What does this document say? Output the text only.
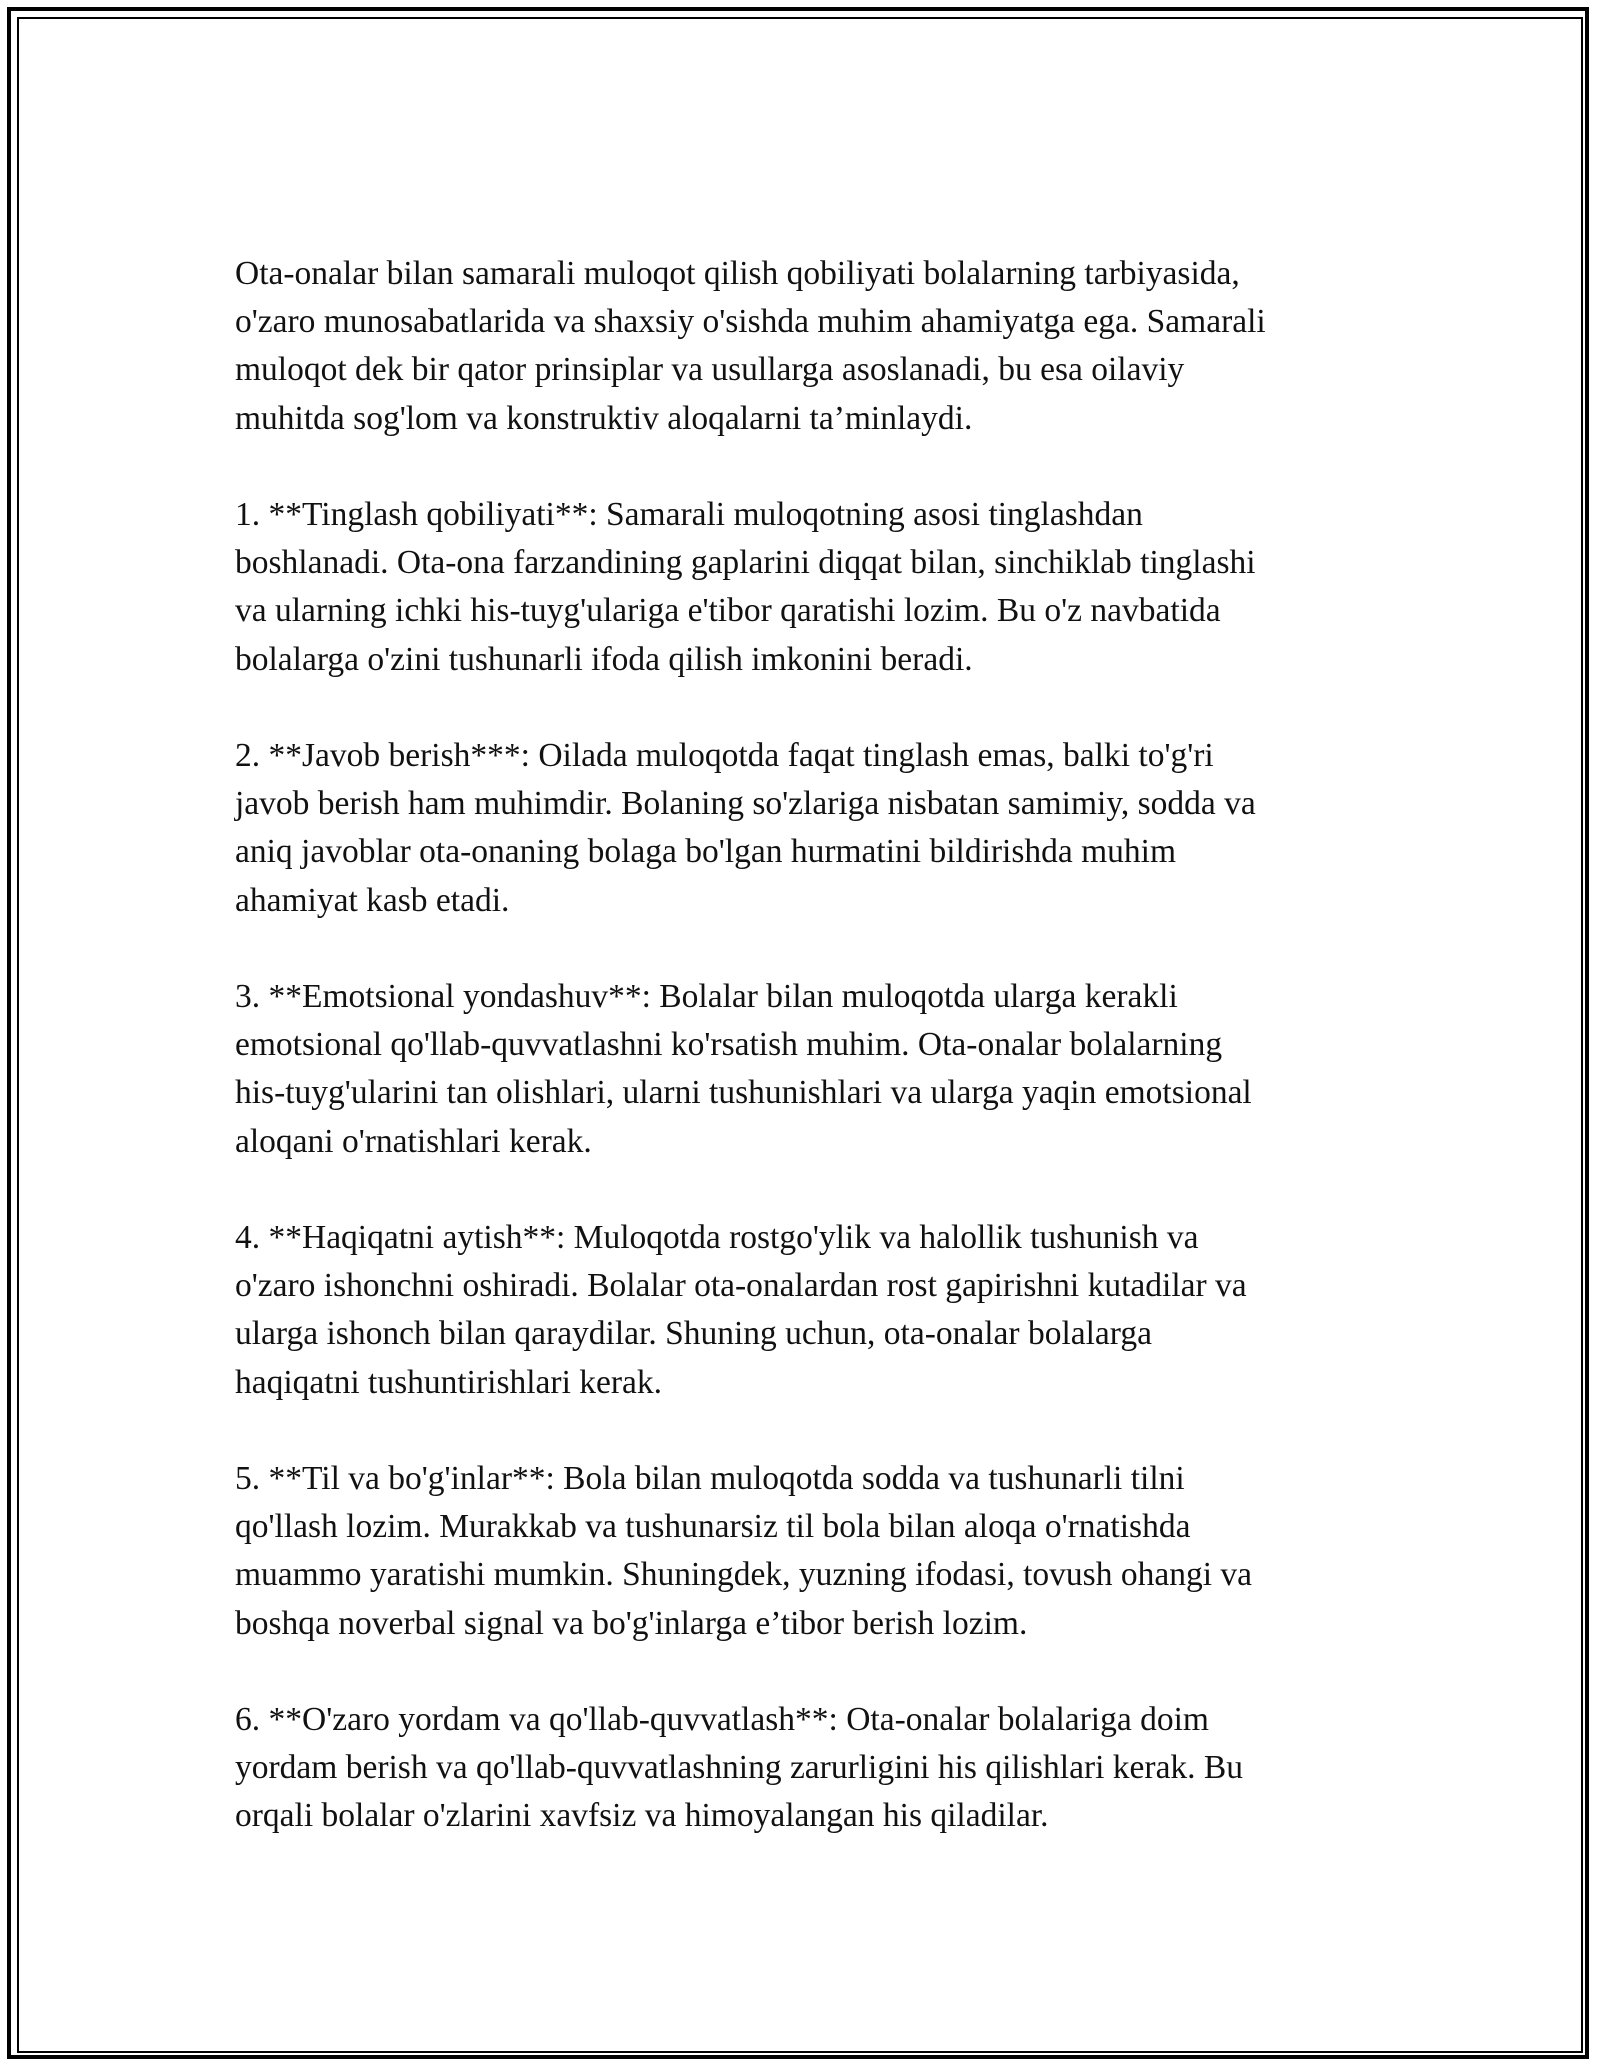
Ota-onalar bilan samarali muloqot qilish qobiliyati bolalarning tarbiyasida,
o'zaro munosabatlarida va shaxsiy o'sishda muhim ahamiyatga ega. Samarali
muloqot dek bir qator prinsiplar va usullarga asoslanadi, bu esa oilaviy
muhitda sog'lom va konstruktiv aloqalarni ta’minlaydi.

1. **Tinglash qobiliyati**: Samarali muloqotning asosi tinglashdan
boshlanadi. Ota-ona farzandining gaplarini diqqat bilan, sinchiklab tinglashi
va ularning ichki his-tuyg'ulariga e'tibor qaratishi lozim. Bu o'z navbatida
bolalarga o'zini tushunarli ifoda qilish imkonini beradi.

2. **Javob berish***: Oilada muloqotda faqat tinglash emas, balki to'g'ri
javob berish ham muhimdir. Bolaning so'zlariga nisbatan samimiy, sodda va
aniq javoblar ota-onaning bolaga bo'lgan hurmatini bildirishda muhim
ahamiyat kasb etadi.

3. **Emotsional yondashuv**: Bolalar bilan muloqotda ularga kerakli
emotsional qo'llab-quvvatlashni ko'rsatish muhim. Ota-onalar bolalarning
his-tuyg'ularini tan olishlari, ularni tushunishlari va ularga yaqin emotsional
aloqani o'rnatishlari kerak.

4. **Haqiqatni aytish**: Muloqotda rostgo'ylik va halollik tushunish va
o'zaro ishonchni oshiradi. Bolalar ota-onalardan rost gapirishni kutadilar va
ularga ishonch bilan qaraydilar. Shuning uchun, ota-onalar bolalarga
haqiqatni tushuntirishlari kerak.

5. **Til va bo'g'inlar**: Bola bilan muloqotda sodda va tushunarli tilni
qo'llash lozim. Murakkab va tushunarsiz til bola bilan aloqa o'rnatishda
muammo yaratishi mumkin. Shuningdek, yuzning ifodasi, tovush ohangi va
boshqa noverbal signal va bo'g'inlarga e’tibor berish lozim.

6. **O'zaro yordam va qo'llab-quvvatlash**: Ota-onalar bolalariga doim
yordam berish va qo'llab-quvvatlashning zarurligini his qilishlari kerak. Bu
orqali bolalar o'zlarini xavfsiz va himoyalangan his qiladilar.
